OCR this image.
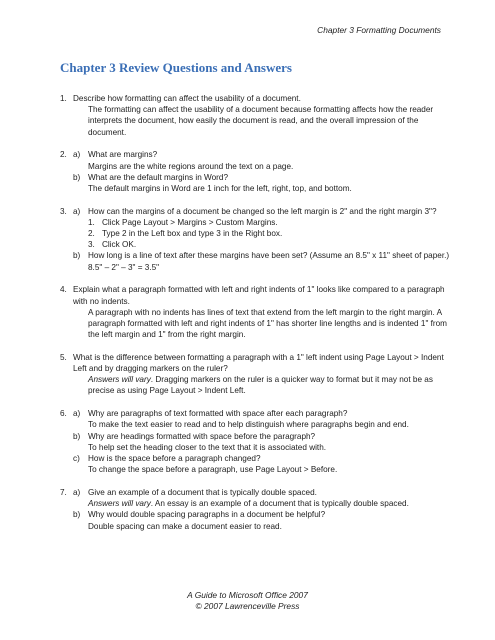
Chapter 3 Formatting Documents
Chapter 3 Review Questions and Answers
1. Describe how formatting can affect the usability of a document.
The formatting can affect the usability of a document because formatting affects how the reader interprets the document, how easily the document is read, and the overall impression of the document.
2. a) What are margins?
Margins are the white regions around the text on a page.
b) What are the default margins in Word?
The default margins in Word are 1 inch for the left, right, top, and bottom.
3. a) How can the margins of a document be changed so the left margin is 2" and the right margin 3"?
1. Click Page Layout > Margins > Custom Margins.
2. Type 2 in the Left box and type 3 in the Right box.
3. Click OK.
b) How long is a line of text after these margins have been set? (Assume an 8.5" x 11" sheet of paper.)
8.5" – 2" – 3" = 3.5"
4. Explain what a paragraph formatted with left and right indents of 1" looks like compared to a paragraph with no indents.
A paragraph with no indents has lines of text that extend from the left margin to the right margin. A paragraph formatted with left and right indents of 1" has shorter line lengths and is indented 1" from the left margin and 1" from the right margin.
5. What is the difference between formatting a paragraph with a 1" left indent using Page Layout > Indent Left and by dragging markers on the ruler?
Answers will vary. Dragging markers on the ruler is a quicker way to format but it may not be as precise as using Page Layout > Indent Left.
6. a) Why are paragraphs of text formatted with space after each paragraph?
To make the text easier to read and to help distinguish where paragraphs begin and end.
b) Why are headings formatted with space before the paragraph?
To help set the heading closer to the text that it is associated with.
c) How is the space before a paragraph changed?
To change the space before a paragraph, use Page Layout > Before.
7. a) Give an example of a document that is typically double spaced.
Answers will vary. An essay is an example of a document that is typically double spaced.
b) Why would double spacing paragraphs in a document be helpful?
Double spacing can make a document easier to read.
A Guide to Microsoft Office 2007
© 2007 Lawrenceville Press
